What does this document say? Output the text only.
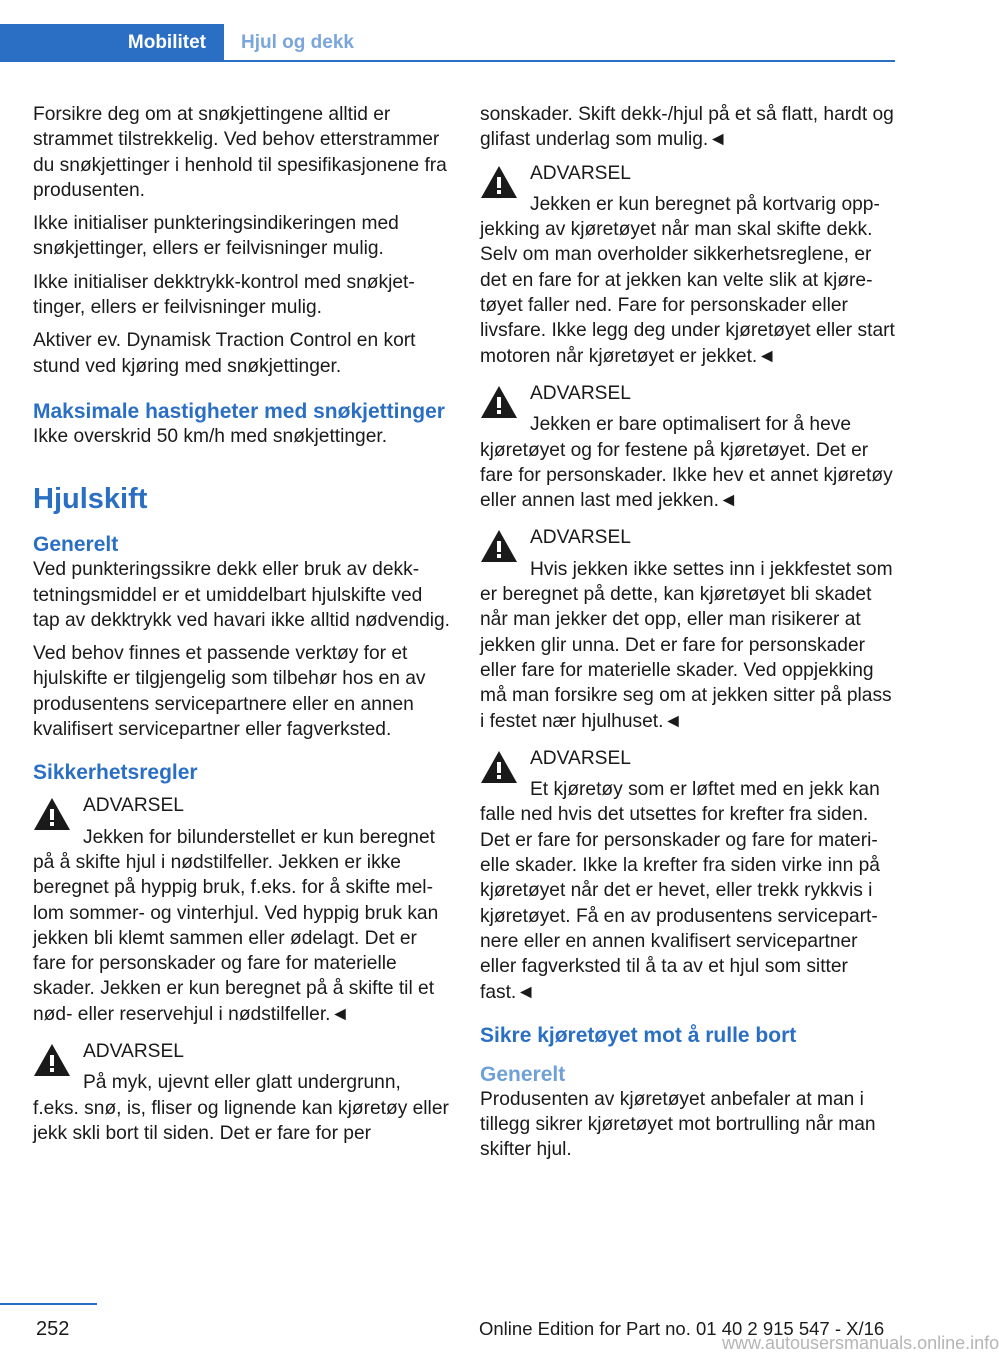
Mobilitet	Hjul og dekk

Forsikre deg om at snøkjettingene alltid er strammet tilstrekkelig. Ved behov etterstrammer du snøkjettinger i henhold til spesifikasjonene fra produsenten.

Ikke initialiser punkteringsindikeringen med snøkjettinger, ellers er feilvisninger mulig.

Ikke initialiser dekktrykk-kontrol med snøkjettinger, ellers er feilvisninger mulig.

Aktiver ev. Dynamisk Traction Control en kort stund ved kjøring med snøkjettinger.

Maksimale hastigheter med snøkjettinger

Ikke overskrid 50 km/h med snøkjettinger.

Hjulskift
Generelt

Ved punkteringssikre dekk eller bruk av dekktetningsmiddel er et umiddelbart hjulskifte ved tap av dekktrykk ved havari ikke alltid nødvendig.

Ved behov finnes et passende verktøy for et hjulskifte er tilgjengelig som tilbehør hos en av produsentens servicepartnere eller en annen kvalifisert servicepartner eller fagverksted.

Sikkerhetsregler
ADVARSEL
Jekken for bilunderstellet er kun beregnet på å skifte hjul i nødstilfeller. Jekken er ikke beregnet på hyppig bruk, f.eks. for å skifte mellom sommer- og vinterhjul. Ved hyppig bruk kan jekken bli klemt sammen eller ødelagt. Det er fare for personskader og fare for materielle skader. Jekken er kun beregnet på å skifte til et nød- eller reservehjul i nødstilfeller.◄
ADVARSEL
På myk, ujevnt eller glatt undergrunn, f.eks. snø, is, fliser og lignende kan kjøretøy eller jekk skli bort til siden. Det er fare for per

sonskader. Skift dekk-/hjul på et så flatt, hardt og glifast underlag som mulig.◄

ADVARSEL
Jekken er kun beregnet på kortvarig oppjekking av kjøretøyet når man skal skifte dekk. Selv om man overholder sikkerhetsreglene, er det en fare for at jekken kan velte slik at kjøretøyet faller ned. Fare for personskader eller livsfare. Ikke legg deg under kjøretøyet eller start motoren når kjøretøyet er jekket.◄
ADVARSEL
Jekken er bare optimalisert for å heve kjøretøyet og for festene på kjøretøyet. Det er fare for personskader. Ikke hev et annet kjøretøy eller annen last med jekken.◄
ADVARSEL
Hvis jekken ikke settes inn i jekkfestet som er beregnet på dette, kan kjøretøyet bli skadet når man jekker det opp, eller man risikerer at jekken glir unna. Det er fare for personskader eller fare for materielle skader. Ved oppjekking må man forsikre seg om at jekken sitter på plass i festet nær hjulhuset.◄
ADVARSEL
Et kjøretøy som er løftet med en jekk kan falle ned hvis det utsettes for krefter fra siden. Det er fare for personskader og fare for materielle skader. Ikke la krefter fra siden virke inn på kjøretøyet når det er hevet, eller trekk rykkvis i kjøretøyet. Få en av produsentens servicepartnere eller en annen kvalifisert servicepartner eller fagverksted til å ta av et hjul som sitter fast.◄
Sikre kjøretøyet mot å rulle bort
Generelt

Produsenten av kjøretøyet anbefaler at man i tillegg sikrer kjøretøyet mot bortrulling når man skifter hjul.

252	Online Edition for Part no. 01 40 2 915 547 - X/16
www.autousersmanuals.online.info
